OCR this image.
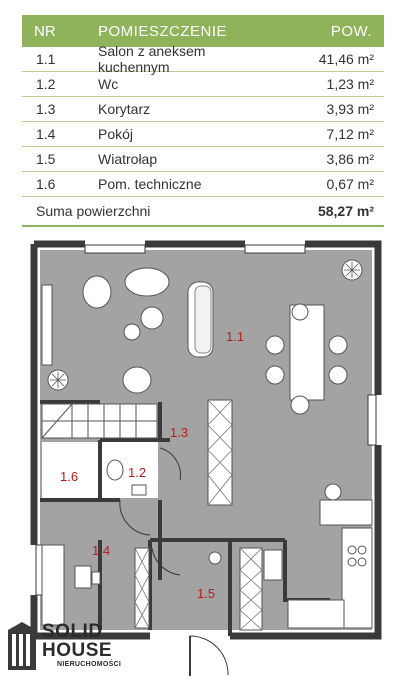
NR	POMIESZCZENIE	POW.
1.1	Salon z aneksem kuchennym	41,46 m²
1.2	Wc	1,23 m²
1.3	Korytarz	3,93 m²
1.4	Pokój	7,12 m²
1.5	Wiatrołap	3,86 m²
1.6	Pom. techniczne	0,67 m²
Suma powierzchni	58,27 m²
1.1
1.2
1.3
1.4
1.5
1.6
SOLID
HOUSE
NIERUCHOMOŚCI
